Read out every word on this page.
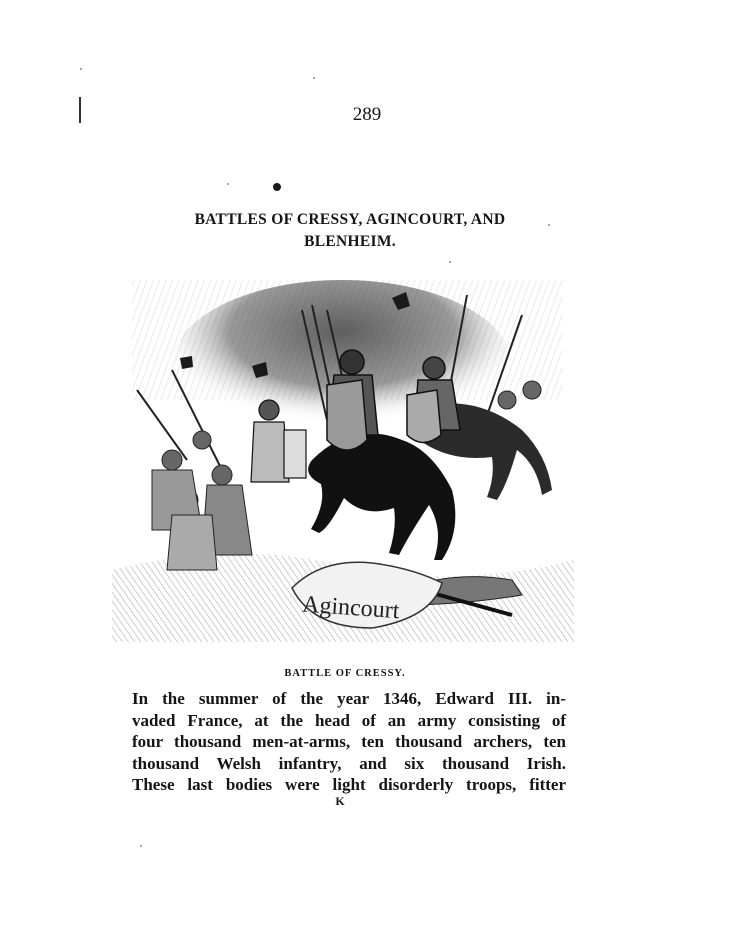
289
BATTLES OF CRESSY, AGINCOURT, AND
BLENHEIM.
Agincourt
BATTLE OF CRESSY.
In the summer of the year 1346, Edward III. in-
vaded France, at the head of an army consisting of
four thousand men-at-arms, ten thousand archers, ten
thousand Welsh infantry, and six thousand Irish.
These last bodies were light disorderly troops, fitter
K
